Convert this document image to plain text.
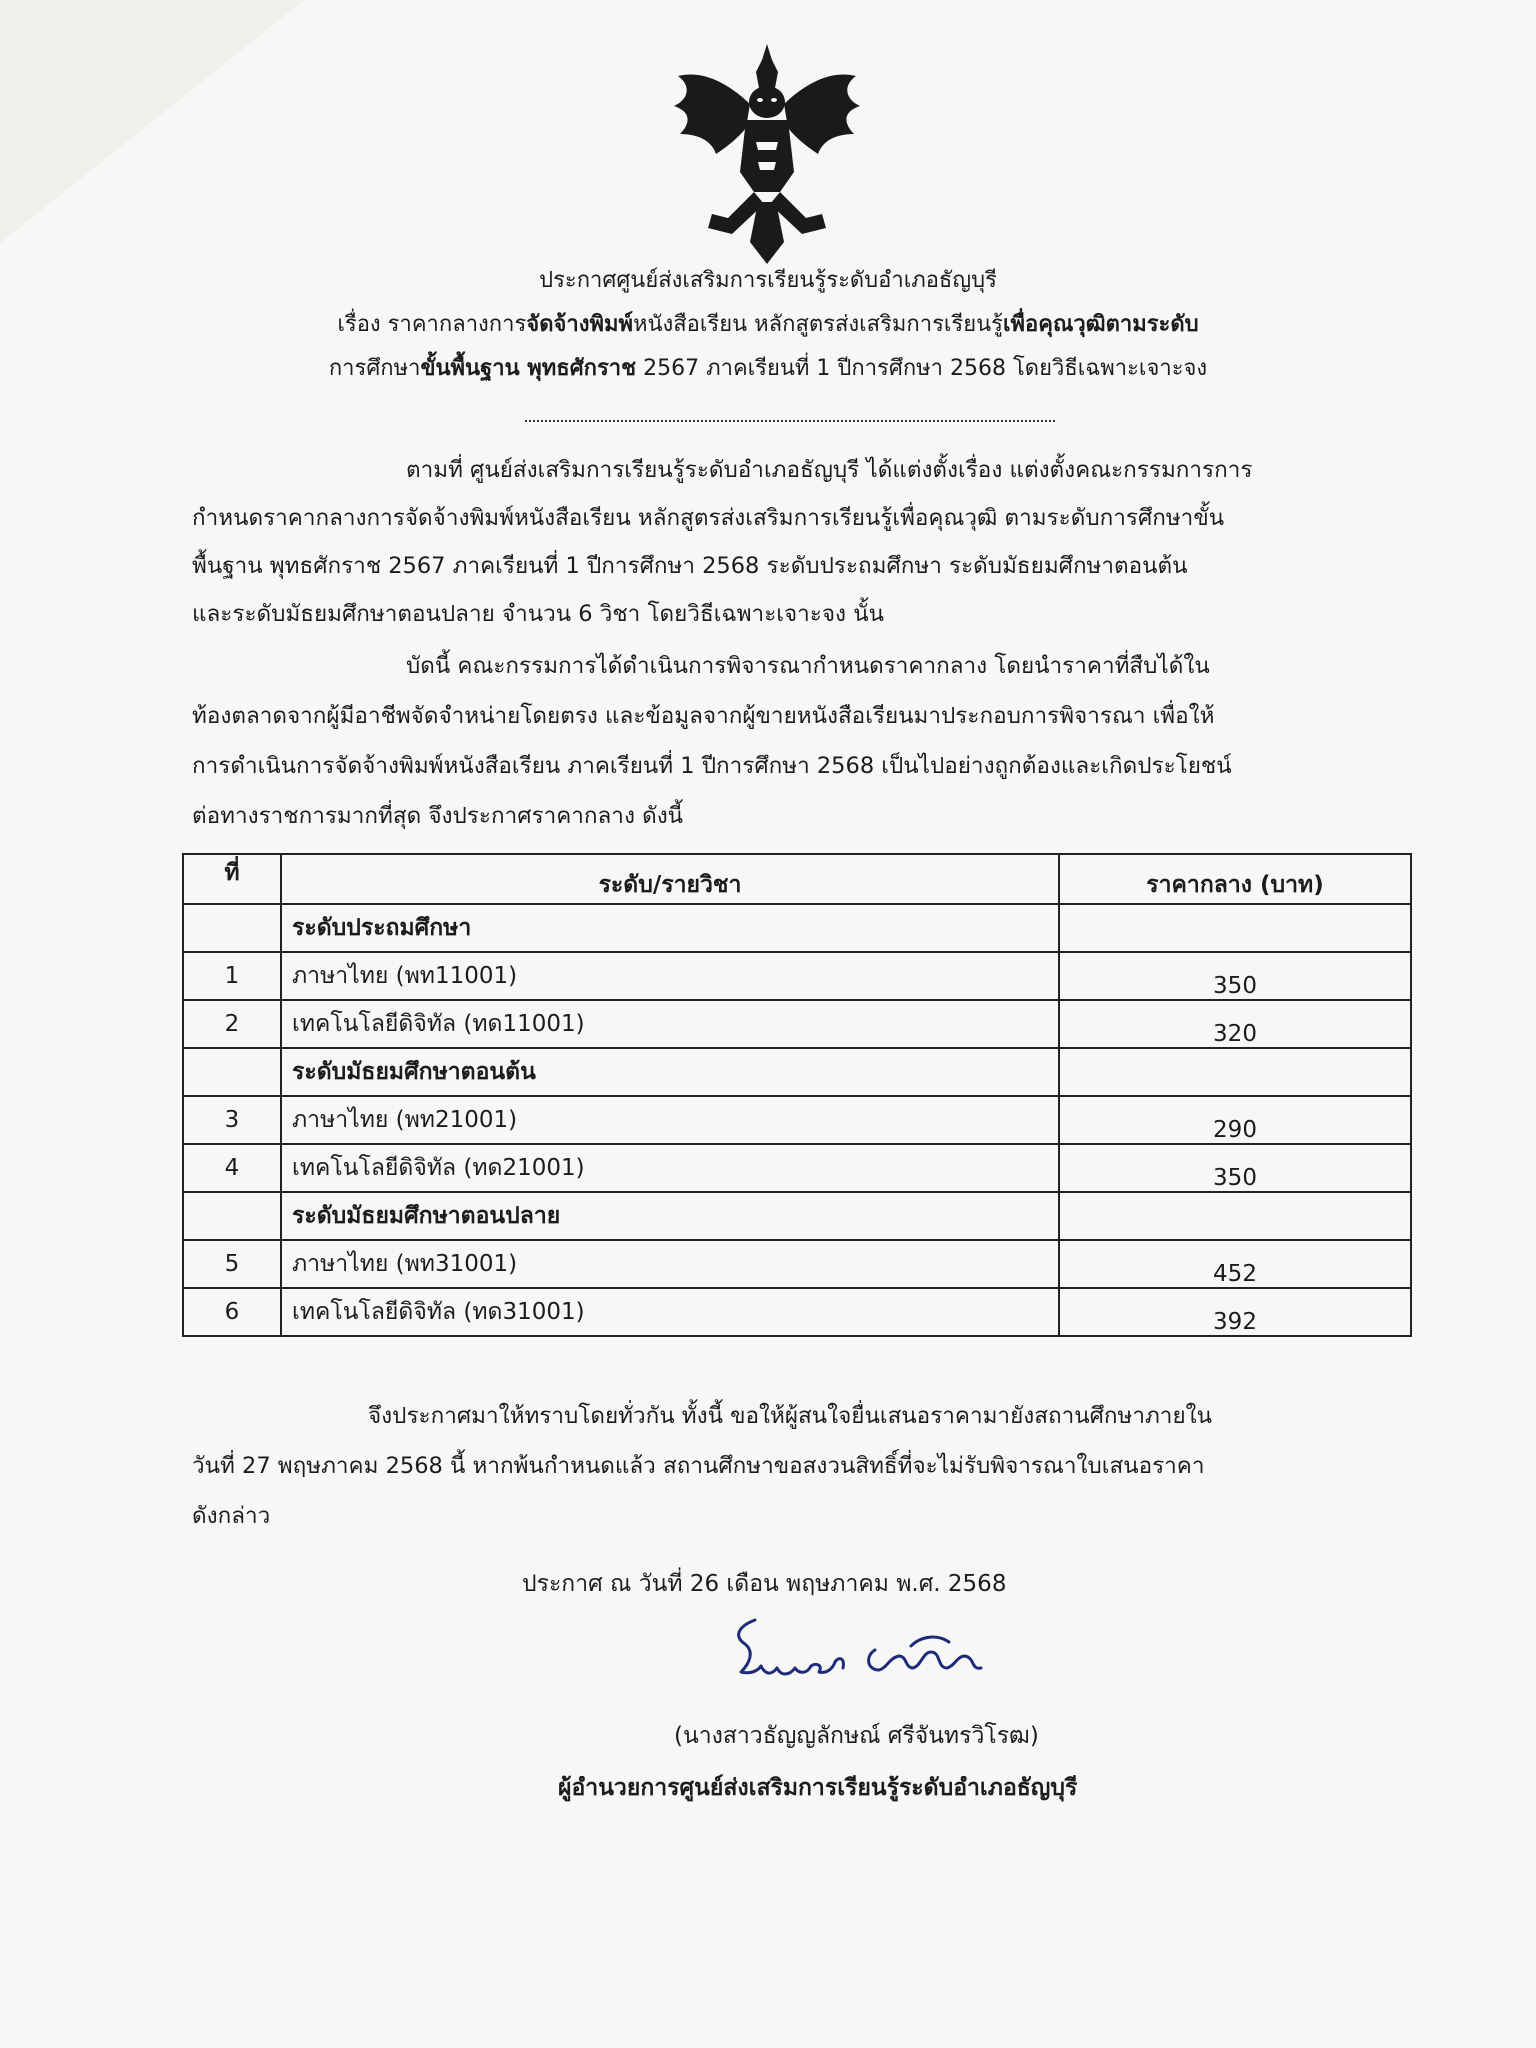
ประกาศศูนย์ส่งเสริมการเรียนรู้ระดับอำเภอธัญบุรี
เรื่อง ราคากลางการจัดจ้างพิมพ์หนังสือเรียน หลักสูตรส่งเสริมการเรียนรู้เพื่อคุณวุฒิตามระดับ
การศึกษาขั้นพื้นฐาน พุทธศักราช 2567 ภาคเรียนที่ 1 ปีการศึกษา 2568 โดยวิธีเฉพาะเจาะจง
ตามที่ ศูนย์ส่งเสริมการเรียนรู้ระดับอำเภอธัญบุรี ได้แต่งตั้งเรื่อง แต่งตั้งคณะกรรมการการ
กำหนดราคากลางการจัดจ้างพิมพ์หนังสือเรียน หลักสูตรส่งเสริมการเรียนรู้เพื่อคุณวุฒิ ตามระดับการศึกษาขั้น
พื้นฐาน พุทธศักราช 2567 ภาคเรียนที่ 1 ปีการศึกษา 2568 ระดับประถมศึกษา ระดับมัธยมศึกษาตอนต้น
และระดับมัธยมศึกษาตอนปลาย จำนวน 6 วิชา โดยวิธีเฉพาะเจาะจง นั้น
บัดนี้ คณะกรรมการได้ดำเนินการพิจารณากำหนดราคากลาง โดยนำราคาที่สืบได้ใน
ท้องตลาดจากผู้มีอาชีพจัดจำหน่ายโดยตรง และข้อมูลจากผู้ขายหนังสือเรียนมาประกอบการพิจารณา เพื่อให้
การดำเนินการจัดจ้างพิมพ์หนังสือเรียน ภาคเรียนที่ 1 ปีการศึกษา 2568 เป็นไปอย่างถูกต้องและเกิดประโยชน์
ต่อทางราชการมากที่สุด จึงประกาศราคากลาง ดังนี้
ที่	ระดับ/รายวิชา	ราคากลาง (บาท)
	ระดับประถมศึกษา	
1	ภาษาไทย (พท11001)	350
2	เทคโนโลยีดิจิทัล (ทด11001)	320
	ระดับมัธยมศึกษาตอนต้น	
3	ภาษาไทย (พท21001)	290
4	เทคโนโลยีดิจิทัล (ทด21001)	350
	ระดับมัธยมศึกษาตอนปลาย	
5	ภาษาไทย (พท31001)	452
6	เทคโนโลยีดิจิทัล (ทด31001)	392
จึงประกาศมาให้ทราบโดยทั่วกัน ทั้งนี้ ขอให้ผู้สนใจยื่นเสนอราคามายังสถานศึกษาภายใน
วันที่ 27 พฤษภาคม 2568 นี้ หากพ้นกำหนดแล้ว สถานศึกษาขอสงวนสิทธิ์ที่จะไม่รับพิจารณาใบเสนอราคา
ดังกล่าว
ประกาศ ณ วันที่ 26 เดือน พฤษภาคม พ.ศ. 2568
(นางสาวธัญญลักษณ์ ศรีจันทรวิโรฒ)
ผู้อำนวยการศูนย์ส่งเสริมการเรียนรู้ระดับอำเภอธัญบุรี
